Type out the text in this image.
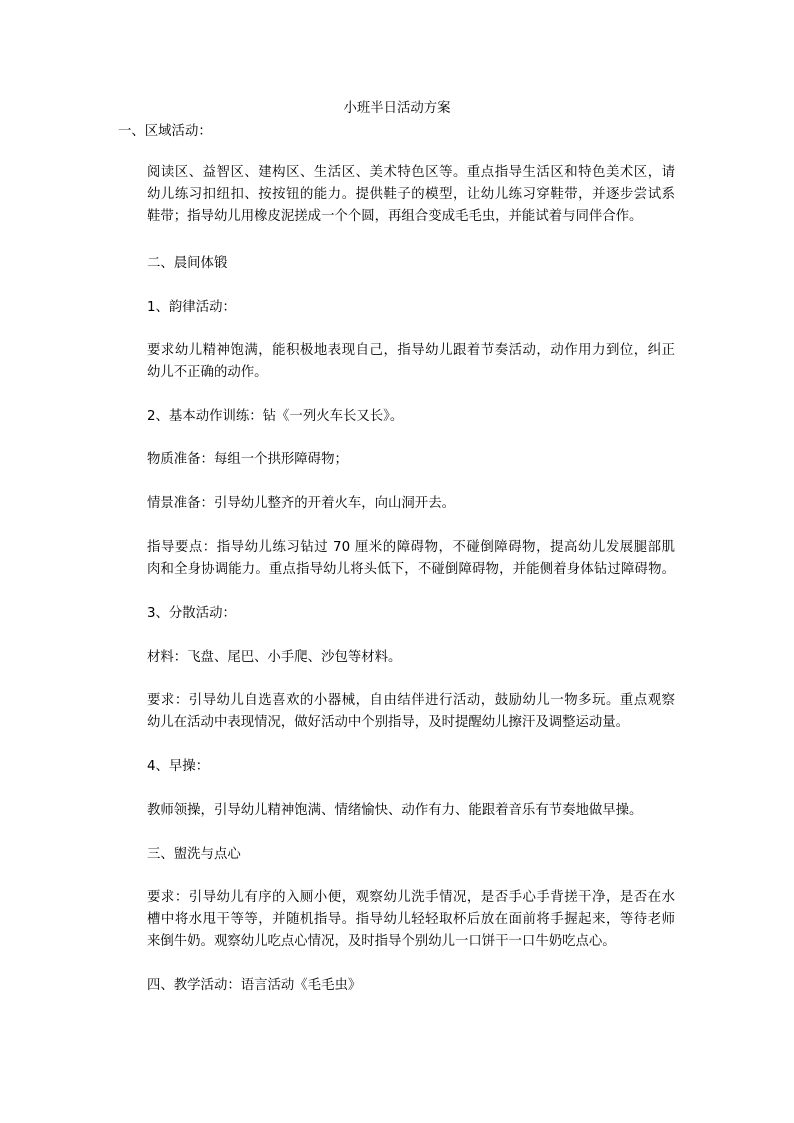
小班半日活动方案
一、区域活动：
阅读区、益智区、建构区、生活区、美术特色区等。重点指导生活区和特色美术区，请
幼儿练习扣纽扣、按按钮的能力。提供鞋子的模型，让幼儿练习穿鞋带，并逐步尝试系
鞋带；指导幼儿用橡皮泥搓成一个个圆，再组合变成毛毛虫，并能试着与同伴合作。
二、晨间体锻
1、韵律活动：
要求幼儿精神饱满，能积极地表现自己，指导幼儿跟着节奏活动，动作用力到位，纠正
幼儿不正确的动作。
2、基本动作训练：钻《一列火车长又长》。
物质准备：每组一个拱形障碍物；
情景准备：引导幼儿整齐的开着火车，向山洞开去。
指导要点：指导幼儿练习钻过 70 厘米的障碍物，不碰倒障碍物，提高幼儿发展腿部肌
肉和全身协调能力。重点指导幼儿将头低下，不碰倒障碍物，并能侧着身体钻过障碍物。
3、分散活动：
材料：飞盘、尾巴、小手爬、沙包等材料。
要求：引导幼儿自选喜欢的小器械，自由结伴进行活动，鼓励幼儿一物多玩。重点观察
幼儿在活动中表现情况，做好活动中个别指导，及时提醒幼儿擦汗及调整运动量。
4、早操：
教师领操，引导幼儿精神饱满、情绪愉快、动作有力、能跟着音乐有节奏地做早操。
三、盥洗与点心
要求：引导幼儿有序的入厕小便，观察幼儿洗手情况，是否手心手背搓干净，是否在水
槽中将水甩干等等，并随机指导。指导幼儿轻轻取杯后放在面前将手握起来，等待老师
来倒牛奶。观察幼儿吃点心情况，及时指导个别幼儿一口饼干一口牛奶吃点心。
四、教学活动：语言活动《毛毛虫》
